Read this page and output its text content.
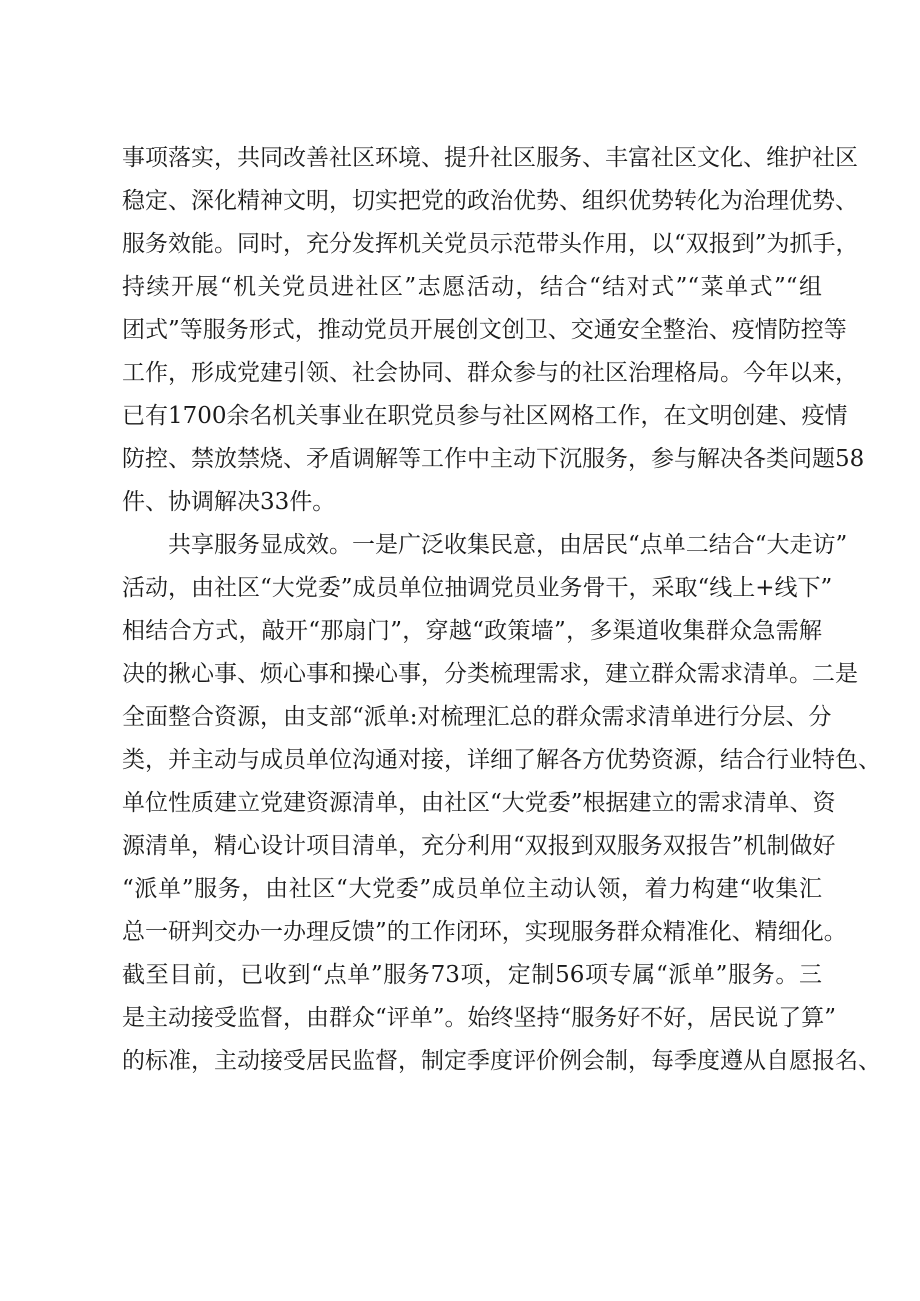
事项落实，共同改善社区环境、提升社区服务、丰富社区文化、维护社区
稳定、深化精神文明，切实把党的政治优势、组织优势转化为治理优势、
服务效能。同时，充分发挥机关党员示范带头作用，以“双报到”为抓手，
持续开展“机关党员进社区”志愿活动，结合“结对式”“菜单式”“组
团式”等服务形式，推动党员开展创文创卫、交通安全整治、疫情防控等
工作，形成党建引领、社会协同、群众参与的社区治理格局。今年以来，
已有1700余名机关事业在职党员参与社区网格工作，在文明创建、疫情
防控、禁放禁烧、矛盾调解等工作中主动下沉服务，参与解决各类问题58
件、协调解决33件。
共享服务显成效。一是广泛收集民意，由居民“点单二结合“大走访”
活动，由社区“大党委”成员单位抽调党员业务骨干，采取“线上+线下”
相结合方式，敲开“那扇门”，穿越“政策墙”，多渠道收集群众急需解
决的揪心事、烦心事和操心事，分类梳理需求，建立群众需求清单。二是
全面整合资源，由支部“派单:对梳理汇总的群众需求清单进行分层、分
类，并主动与成员单位沟通对接，详细了解各方优势资源，结合行业特色、
单位性质建立党建资源清单，由社区“大党委”根据建立的需求清单、资
源清单，精心设计项目清单，充分利用“双报到双服务双报告”机制做好
“派单”服务，由社区“大党委”成员单位主动认领，着力构建“收集汇
总一研判交办一办理反馈”的工作闭环，实现服务群众精准化、精细化。
截至目前，已收到“点单”服务73项，定制56项专属“派单”服务。三
是主动接受监督，由群众“评单”。始终坚持“服务好不好，居民说了算”
的标准，主动接受居民监督，制定季度评价例会制，每季度遵从自愿报名、
